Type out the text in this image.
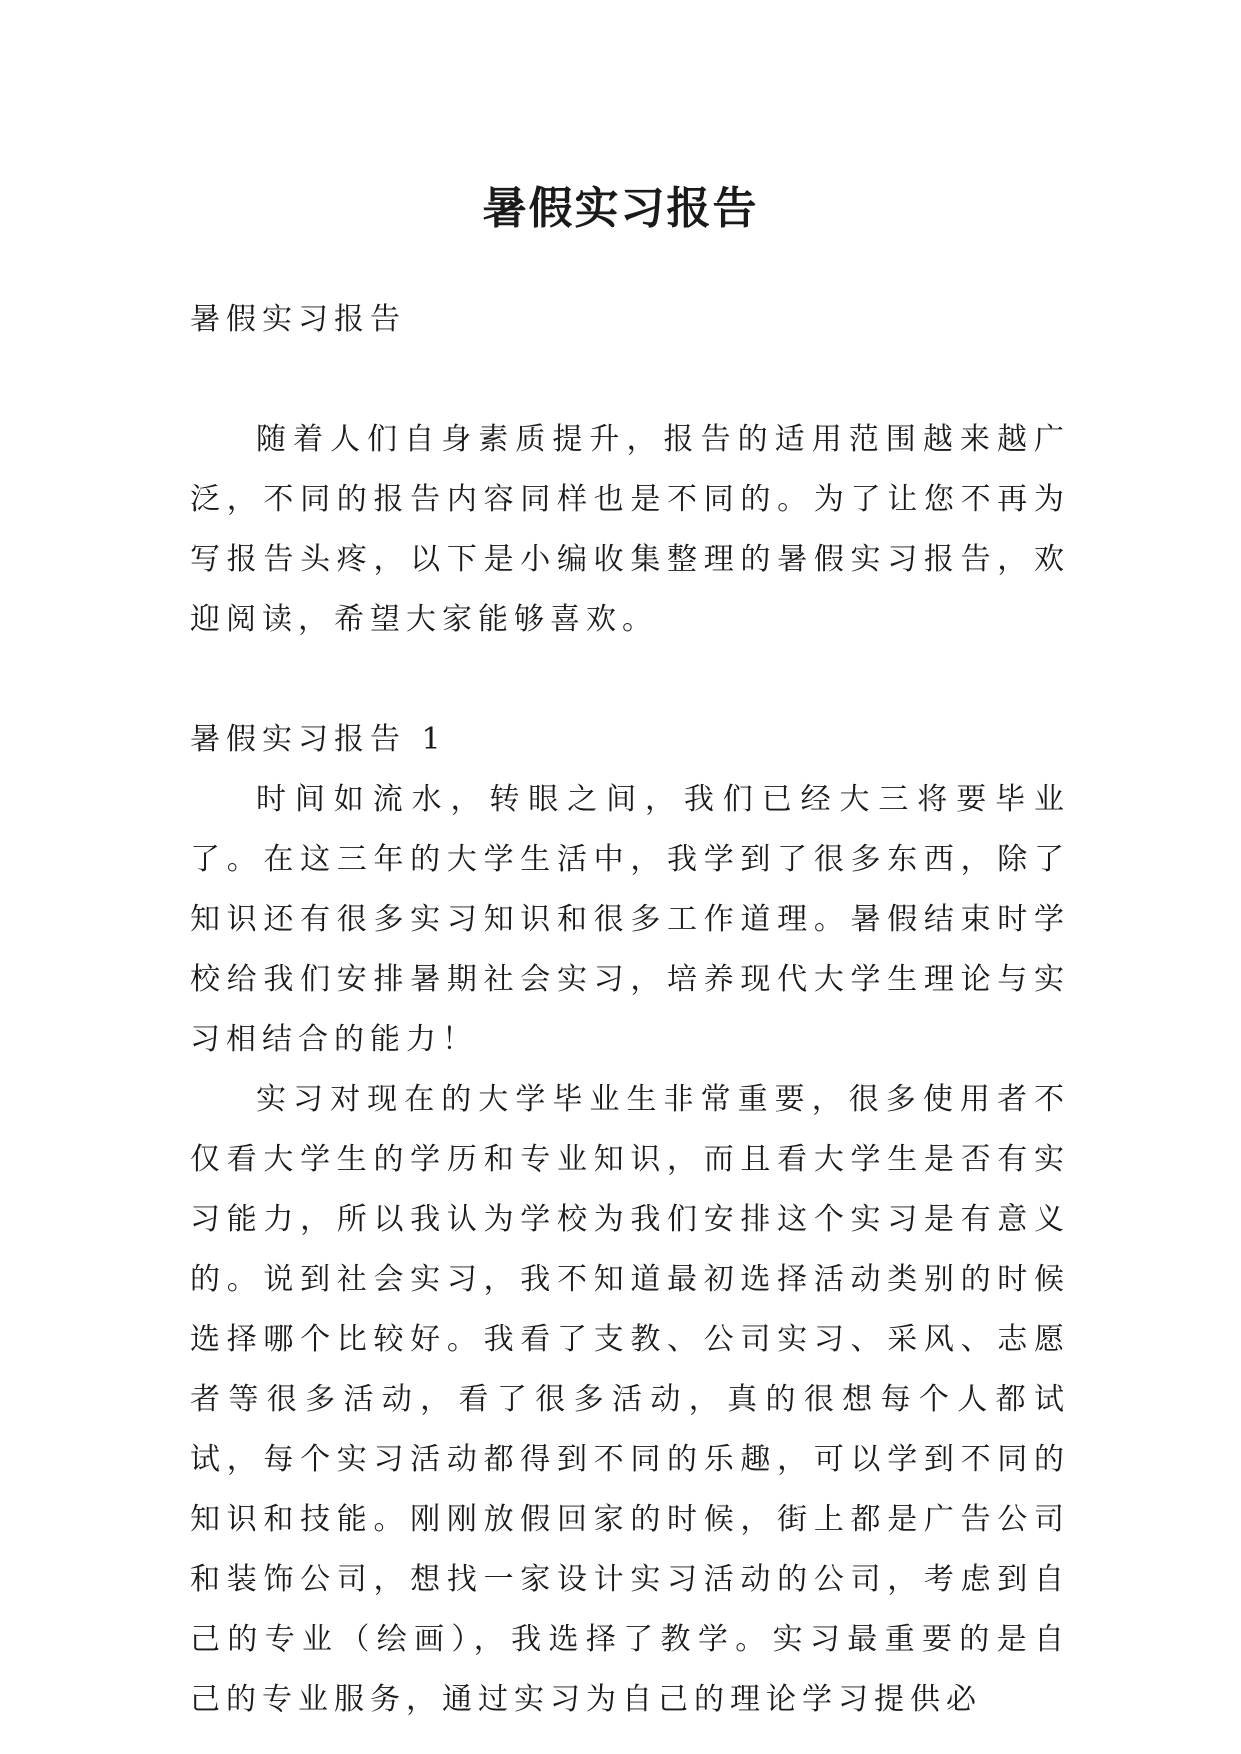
暑假实习报告

暑假实习报告

随着人们自身素质提升，报告的适用范围越来越广泛，不同的报告内容同样也是不同的。为了让您不再为写报告头疼，以下是小编收集整理的暑假实习报告，欢迎阅读，希望大家能够喜欢。

暑假实习报告 1

时间如流水，转眼之间，我们已经大三将要毕业了。在这三年的大学生活中，我学到了很多东西，除了知识还有很多实习知识和很多工作道理。暑假结束时学校给我们安排暑期社会实习，培养现代大学生理论与实习相结合的能力！

实习对现在的大学毕业生非常重要，很多使用者不仅看大学生的学历和专业知识，而且看大学生是否有实习能力，所以我认为学校为我们安排这个实习是有意义的。说到社会实习，我不知道最初选择活动类别的时候选择哪个比较好。我看了支教、公司实习、采风、志愿者等很多活动，看了很多活动，真的很想每个人都试试，每个实习活动都得到不同的乐趣，可以学到不同的知识和技能。刚刚放假回家的时候，街上都是广告公司和装饰公司，想找一家设计实习活动的公司，考虑到自己的专业（绘画），我选择了教学。实习最重要的是自己的专业服务，通过实习为自己的理论学习提供必
